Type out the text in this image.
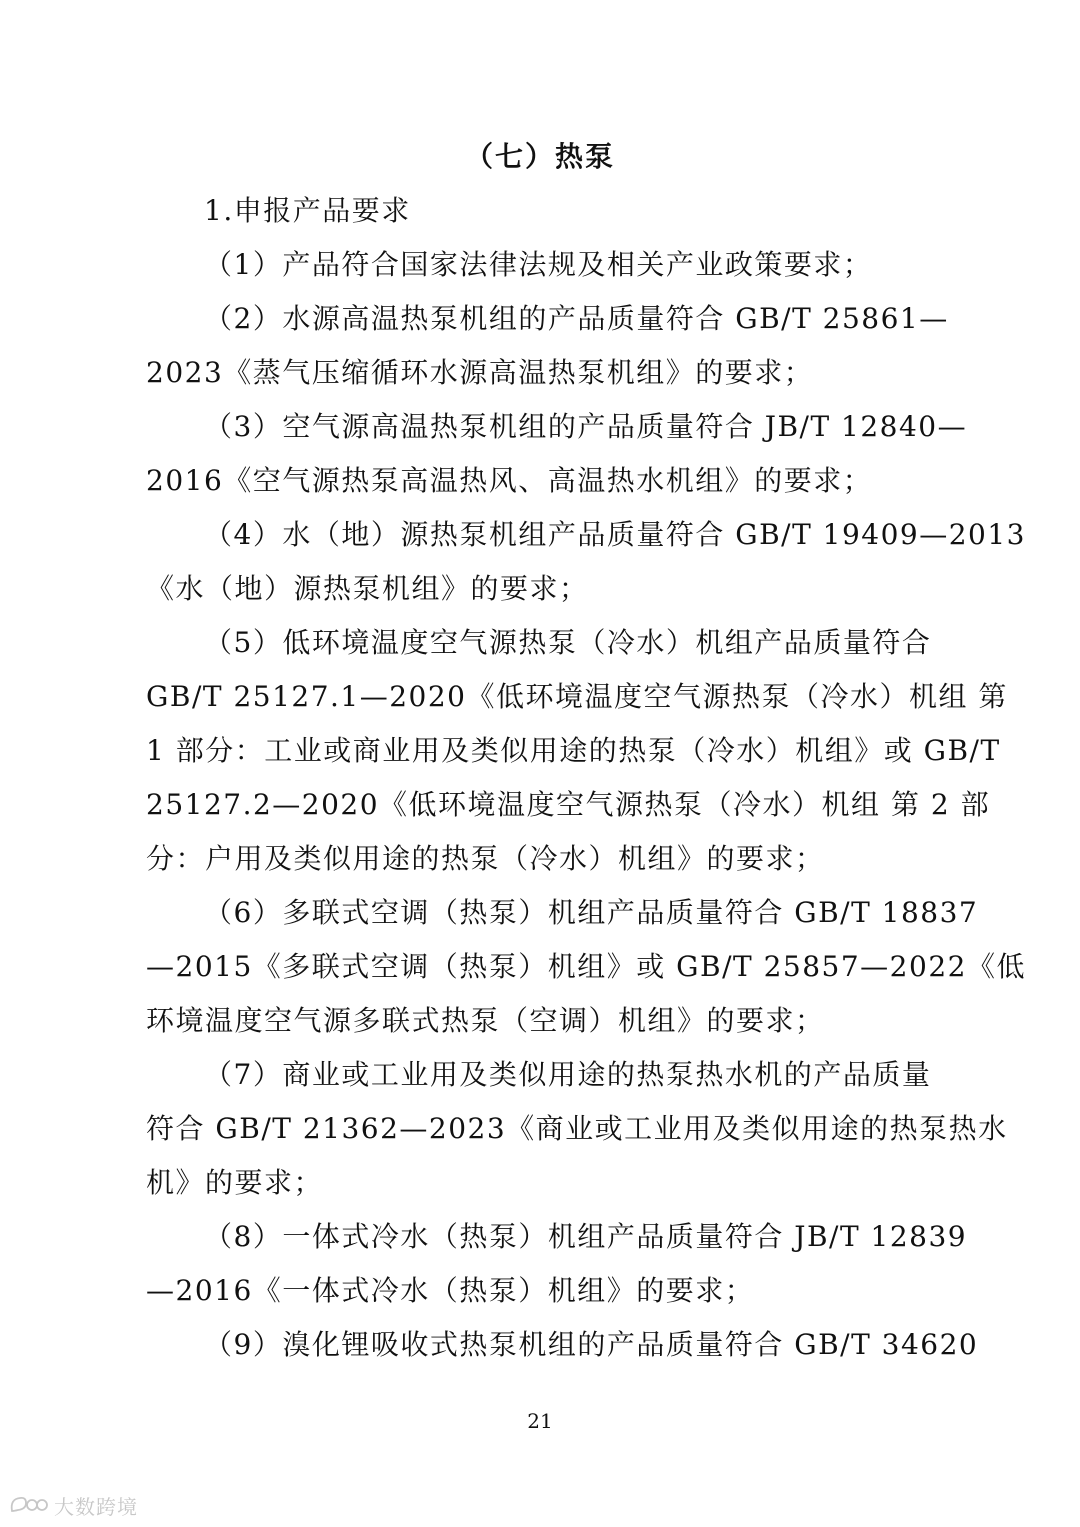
（七）热泵
1.申报产品要求
（1）产品符合国家法律法规及相关产业政策要求；
（2）水源高温热泵机组的产品质量符合 GB/T 25861—
2023《蒸气压缩循环水源高温热泵机组》的要求；
（3）空气源高温热泵机组的产品质量符合 JB/T 12840—
2016《空气源热泵高温热风、高温热水机组》的要求；
（4）水（地）源热泵机组产品质量符合 GB/T 19409—2013
《水（地）源热泵机组》的要求；
（5）低环境温度空气源热泵（冷水）机组产品质量符合
GB/T 25127.1—2020《低环境温度空气源热泵（冷水）机组 第
1 部分：工业或商业用及类似用途的热泵（冷水）机组》或 GB/T
25127.2—2020《低环境温度空气源热泵（冷水）机组 第 2 部
分：户用及类似用途的热泵（冷水）机组》的要求；
（6）多联式空调（热泵）机组产品质量符合 GB/T 18837
—2015《多联式空调（热泵）机组》或 GB/T 25857—2022《低
环境温度空气源多联式热泵（空调）机组》的要求；
（7）商业或工业用及类似用途的热泵热水机的产品质量
符合 GB/T 21362—2023《商业或工业用及类似用途的热泵热水
机》的要求；
（8）一体式冷水（热泵）机组产品质量符合 JB/T 12839
—2016《一体式冷水（热泵）机组》的要求；
（9）溴化锂吸收式热泵机组的产品质量符合 GB/T 34620
21
大数跨境
